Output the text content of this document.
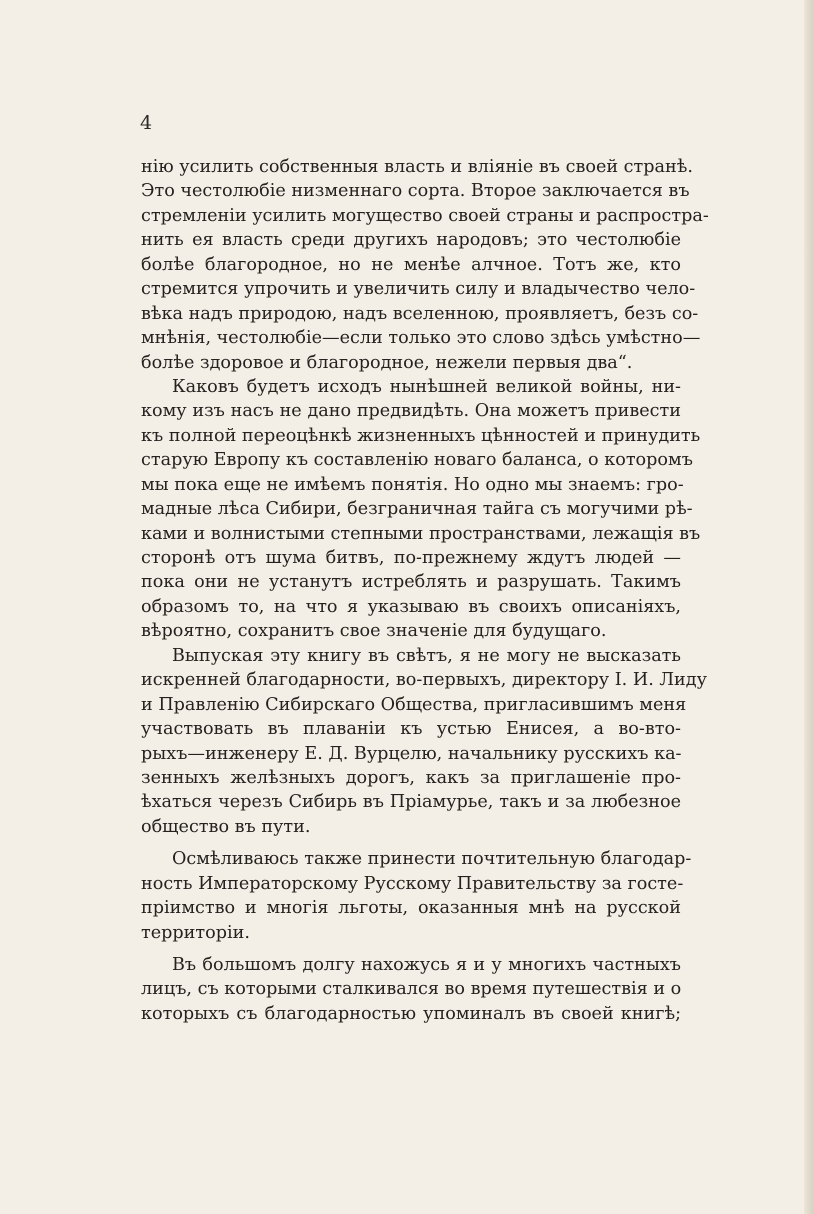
4

нію усилить собственныя власть и вліяніе въ своей странѣ.
Это честолюбіе низменнаго сорта. Второе заключается въ
стремленіи усилить могущество своей страны и распростра-
нить ея власть среди другихъ народовъ; это честолюбіе
болѣе благородное, но не менѣе алчное. Тотъ же, кто
стремится упрочить и увеличить силу и владычество чело-
вѣка надъ природою, надъ вселенною, проявляетъ, безъ со-
мнѣнія, честолюбіе—если только это слово здѣсь умѣстно—
болѣе здоровое и благородное, нежели первыя два“.
Каковъ будетъ исходъ нынѣшней великой войны, ни-
кому изъ насъ не дано предвидѣть. Она можетъ привести
къ полной переоцѣнкѣ жизненныхъ цѣнностей и принудить
старую Европу къ составленію новаго баланса, о которомъ
мы пока еще не имѣемъ понятія. Но одно мы знаемъ: гро-
мадные лѣса Сибири, безграничная тайга съ могучими рѣ-
ками и волнистыми степными пространствами, лежащія въ
сторонѣ отъ шума битвъ, по-прежнему ждутъ людей —
пока они не устанутъ истреблять и разрушать. Такимъ
образомъ то, на что я указываю въ своихъ описаніяхъ,
вѣроятно, сохранитъ свое значеніе для будущаго.
Выпуская эту книгу въ свѣтъ, я не могу не высказать
искренней благодарности, во-первыхъ, директору І. И. Лиду
и Правленію Сибирскаго Общества, пригласившимъ меня
участвовать въ плаваніи къ устью Енисея, а во-вто-
рыхъ—инженеру Е. Д. Вурцелю, начальнику русскихъ ка-
зенныхъ желѣзныхъ дорогъ, какъ за приглашеніе про-
ѣхаться черезъ Сибирь въ Пріамурье, такъ и за любезное
общество въ пути.
Осмѣливаюсь также принести почтительную благодар-
ность Императорскому Русскому Правительству за госте-
пріимство и многія льготы, оказанныя мнѣ на русской
территоріи.
Въ большомъ долгу нахожусь я и у многихъ частныхъ
лицъ, съ которыми сталкивался во время путешествія и о
которыхъ съ благодарностью упоминалъ въ своей книгѣ;
